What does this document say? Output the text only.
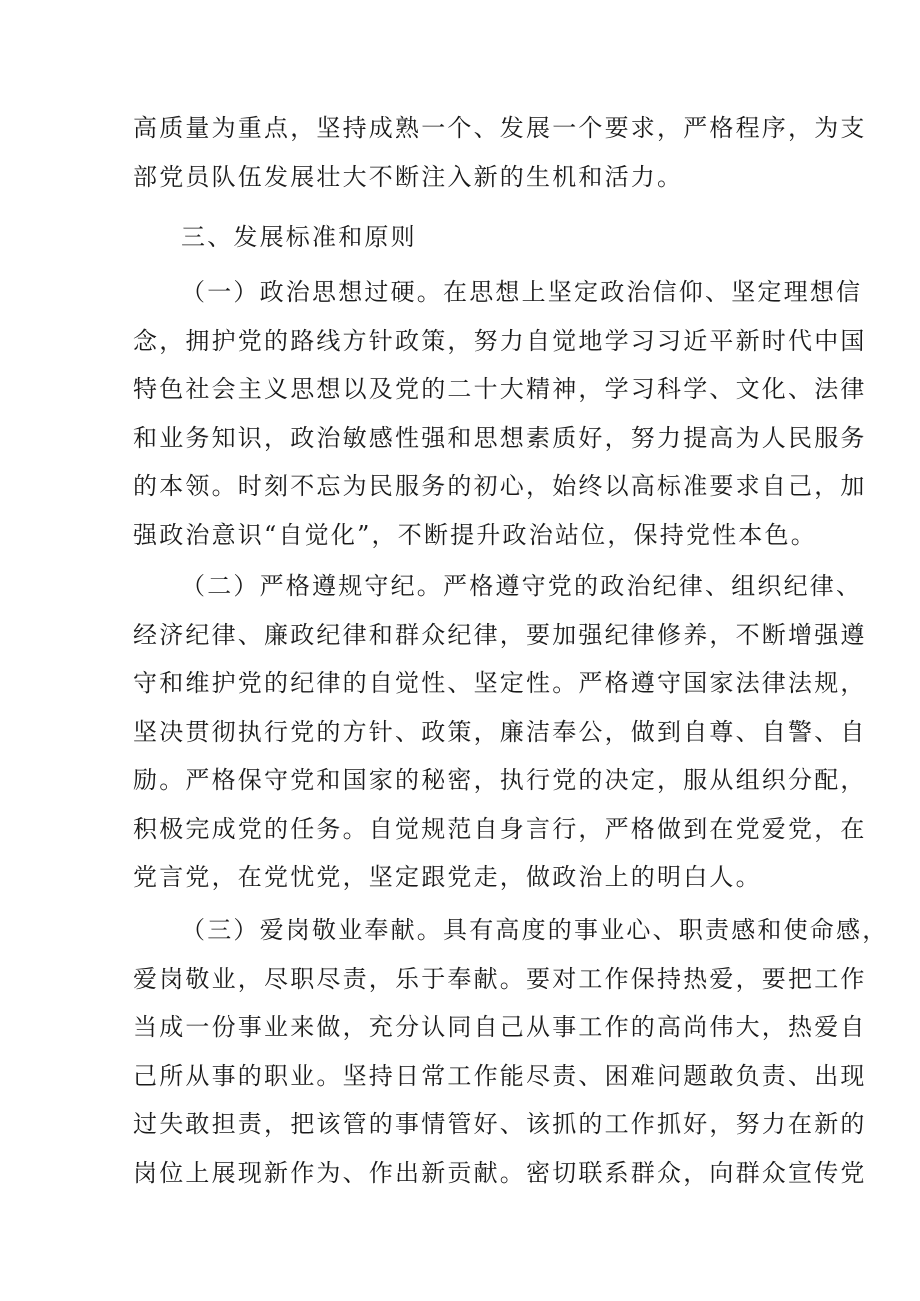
高质量为重点，坚持成熟一个、发展一个要求，严格程序，为支
部党员队伍发展壮大不断注入新的生机和活力。
三、发展标准和原则
（一）政治思想过硬。在思想上坚定政治信仰、坚定理想信
念，拥护党的路线方针政策，努力自觉地学习习近平新时代中国
特色社会主义思想以及党的二十大精神，学习科学、文化、法律
和业务知识，政治敏感性强和思想素质好，努力提高为人民服务
的本领。时刻不忘为民服务的初心，始终以高标准要求自己，加
强政治意识“自觉化”，不断提升政治站位，保持党性本色。
（二）严格遵规守纪。严格遵守党的政治纪律、组织纪律、
经济纪律、廉政纪律和群众纪律，要加强纪律修养，不断增强遵
守和维护党的纪律的自觉性、坚定性。严格遵守国家法律法规，
坚决贯彻执行党的方针、政策，廉洁奉公，做到自尊、自警、自
励。严格保守党和国家的秘密，执行党的决定，服从组织分配，
积极完成党的任务。自觉规范自身言行，严格做到在党爱党，在
党言党，在党忧党，坚定跟党走，做政治上的明白人。
（三）爱岗敬业奉献。具有高度的事业心、职责感和使命感，
爱岗敬业，尽职尽责，乐于奉献。要对工作保持热爱，要把工作
当成一份事业来做，充分认同自己从事工作的高尚伟大，热爱自
己所从事的职业。坚持日常工作能尽责、困难问题敢负责、出现
过失敢担责，把该管的事情管好、该抓的工作抓好，努力在新的
岗位上展现新作为、作出新贡献。密切联系群众，向群众宣传党
